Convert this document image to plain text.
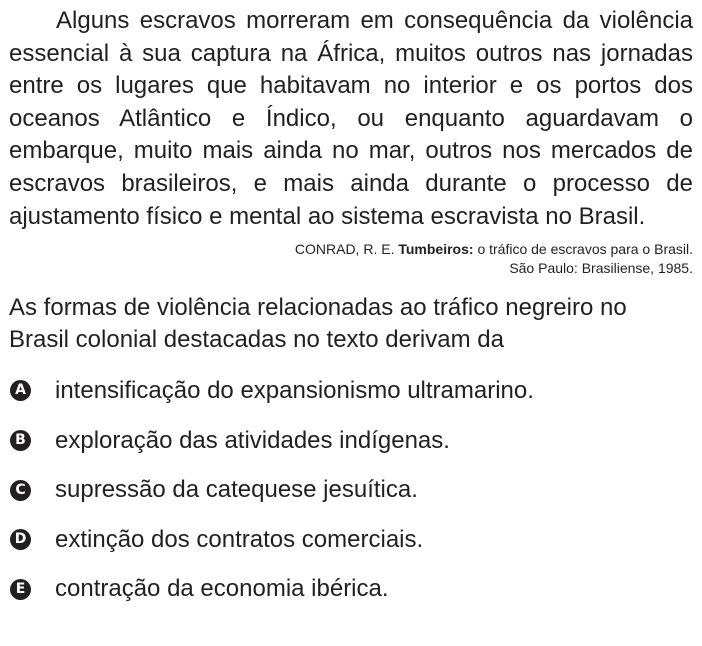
Alguns escravos morreram em consequência da violência essencial à sua captura na África, muitos outros nas jornadas entre os lugares que habitavam no interior e os portos dos oceanos Atlântico e Índico, ou enquanto aguardavam o embarque, muito mais ainda no mar, outros nos mercados de escravos brasileiros, e mais ainda durante o processo de ajustamento físico e mental ao sistema escravista no Brasil.

CONRAD, R. E. Tumbeiros: o tráfico de escravos para o Brasil.
São Paulo: Brasiliense, 1985.

As formas de violência relacionadas ao tráfico negreiro no Brasil colonial destacadas no texto derivam da

A intensificação do expansionismo ultramarino.
B exploração das atividades indígenas.
C supressão da catequese jesuítica.
D extinção dos contratos comerciais.
E contração da economia ibérica.
